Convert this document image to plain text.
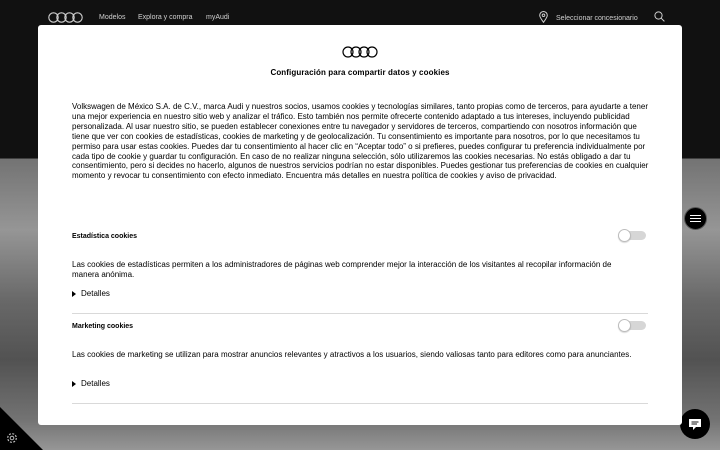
Modelos Explora y compra myAudi	Seleccionar concesionario
Configuración para compartir datos y cookies

Volkswagen de México S.A. de C.V., marca Audi y nuestros socios, usamos cookies y tecnologías similares, tanto propias como de terceros, para ayudarte a tener una mejor experiencia en nuestro sitio web y analizar el tráfico. Esto también nos permite ofrecerte contenido adaptado a tus intereses, incluyendo publicidad personalizada. Al usar nuestro sitio, se pueden establecer conexiones entre tu navegador y servidores de terceros, compartiendo con nosotros información que tiene que ver con cookies de estadísticas, cookies de marketing y de geolocalización. Tu consentimiento es importante para nosotros, por lo que necesitamos tu permiso para usar estas cookies. Puedes dar tu consentimiento al hacer clic en “Aceptar todo” o si prefieres, puedes configurar tu preferencia individualmente por cada tipo de cookie y guardar tu configuración. En caso de no realizar ninguna selección, sólo utilizaremos las cookies necesarias. No estás obligado a dar tu consentimiento, pero si decides no hacerlo, algunos de nuestros servicios podrían no estar disponibles. Puedes gestionar tus preferencias de cookies en cualquier momento y revocar tu consentimiento con efecto inmediato. Encuentra más detalles en nuestra política de cookies y aviso de privacidad.

Estadística cookies

Las cookies de estadísticas permiten a los administradores de páginas web comprender mejor la interacción de los visitantes al recopilar información de manera anónima.

Detalles
Marketing cookies

Las cookies de marketing se utilizan para mostrar anuncios relevantes y atractivos a los usuarios, siendo valiosas tanto para editores como para anunciantes.

Detalles
